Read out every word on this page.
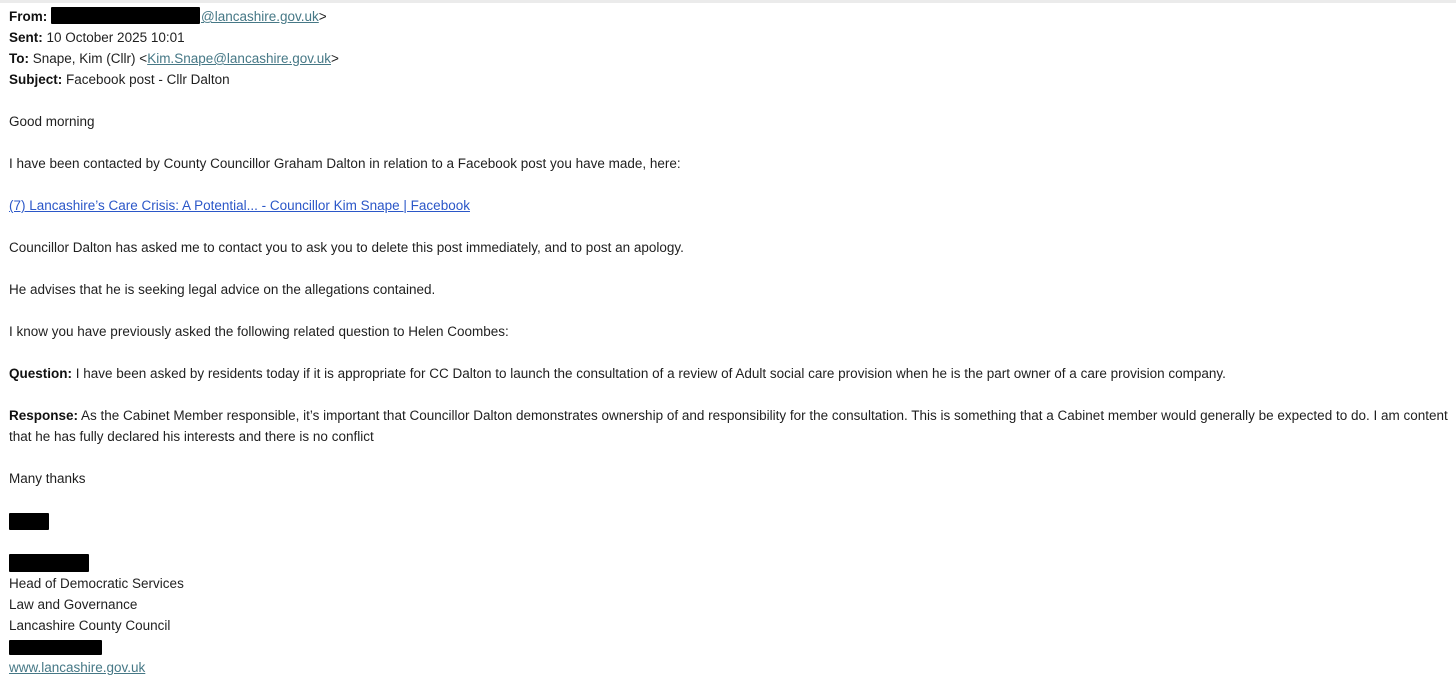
From:	@lancashire.gov.uk>
Sent: 10 October 2025 10:01
To: Snape, Kim (Cllr) <Kim.Snape@lancashire.gov.uk>
Subject: Facebook post - Cllr Dalton

Good morning

I have been contacted by County Councillor Graham Dalton in relation to a Facebook post you have made, here:

(7) Lancashire’s Care Crisis: A Potential... - Councillor Kim Snape | Facebook

Councillor Dalton has asked me to contact you to ask you to delete this post immediately, and to post an apology.

He advises that he is seeking legal advice on the allegations contained.

I know you have previously asked the following related question to Helen Coombes:

Question: I have been asked by residents today if it is appropriate for CC Dalton to launch the consultation of a review of Adult social care provision when he is the part owner of a care provision company.

Response: As the Cabinet Member responsible, it’s important that Councillor Dalton demonstrates ownership of and responsibility for the consultation. This is something that a Cabinet member would generally be expected to do. I am content that he has fully declared his interests and there is no conflict

Many thanks

Head of Democratic Services
Law and Governance
Lancashire County Council
www.lancashire.gov.uk
